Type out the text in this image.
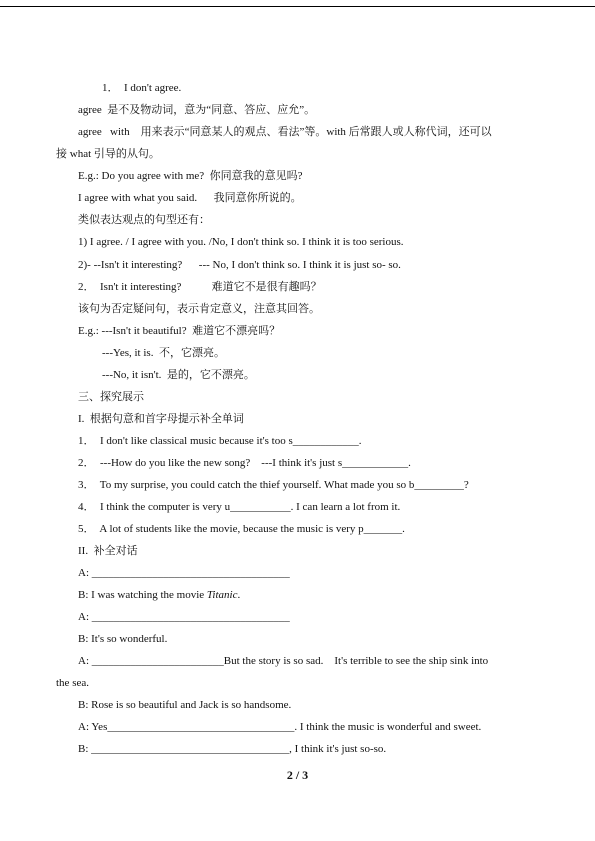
1．  I don't agree.
agree  是不及物动词，意为“同意、答应、应允”。
agree   with    用来表示“同意某人的观点、看法”等。with 后常跟人或人称代词，还可以
接 what 引导的从句。
E.g.: Do you agree with me?  你同意我的意见吗?
I agree with what you said.      我同意你所说的。
类似表达观点的句型还有：
1) I agree. / I agree with you. /No, I don't think so. I think it is too serious.
2)- --Isn't it interesting?      --- No, I don't think so. I think it is just so- so.
2．  Isn't it interesting?           难道它不是很有趣吗？
该句为否定疑问句，表示肯定意义，注意其回答。
E.g.: ---Isn't it beautiful?  难道它不漂亮吗？
---Yes, it is.  不，它漂亮。
---No, it isn't.  是的，它不漂亮。
三、探究展示
I.  根据句意和首字母提示补全单词
1．  I don't like classical music because it's too s____________.
2．  ---How do you like the new song?    ---I think it's just s____________.
3．  To my surprise, you could catch the thief yourself. What made you so b_________?
4．  I think the computer is very u___________. I can learn a lot from it.
5．  A lot of students like the movie, because the music is very p_______.
II.  补全对话
A: ____________________________________
B: I was watching the movie Titanic.
A: ____________________________________
B: It's so wonderful.
A: ________________________But the story is so sad.    It's terrible to see the ship sink into
the sea.
B: Rose is so beautiful and Jack is so handsome.
A: Yes__________________________________. I think the music is wonderful and sweet.
B: ____________________________________, I think it's just so-so.
2 / 3
